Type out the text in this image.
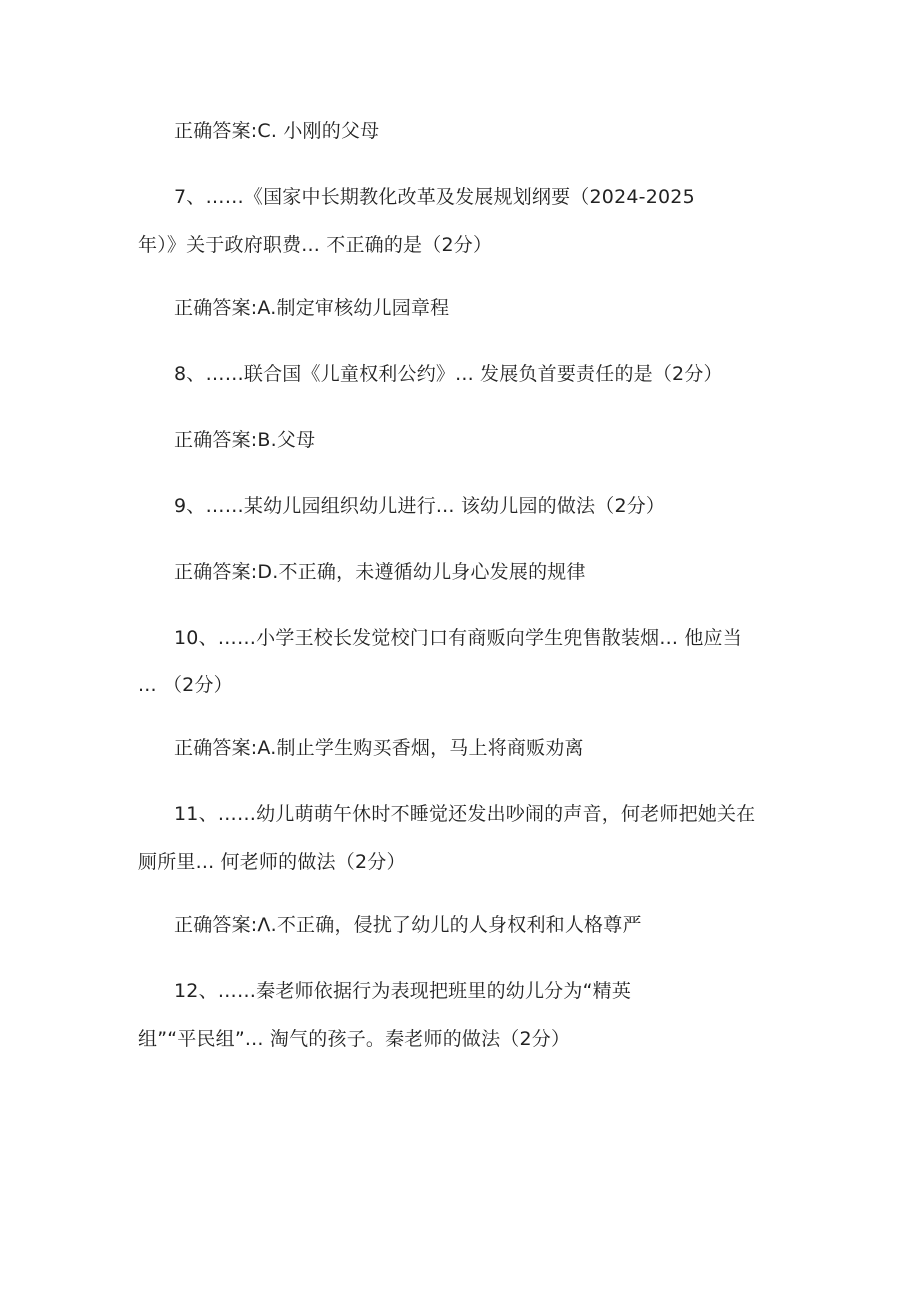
正确答案:C. 小刚的父母
7、……《国家中长期教化改革及发展规划纲要（2024-2025
年）》关于政府职费... 不正确的是（2分）
正确答案:A.制定审核幼儿园章程
8、……联合国《儿童权利公约》... 发展负首要责任的是（2分）
正确答案:B.父母
9、……某幼儿园组织幼儿进行... 该幼儿园的做法（2分）
正确答案:D.不正确，未遵循幼儿身心发展的规律
10、……小学王校长发觉校门口有商贩向学生兜售散装烟... 他应当
... （2分）
正确答案:A.制止学生购买香烟，马上将商贩劝离
11、……幼儿萌萌午休时不睡觉还发出吵闹的声音，何老师把她关在
厕所里... 何老师的做法（2分）
正确答案:Λ.不正确，侵扰了幼儿的人身权利和人格尊严
12、……秦老师依据行为表现把班里的幼儿分为“精英
组”“平民组”... 淘气的孩子。秦老师的做法（2分）
